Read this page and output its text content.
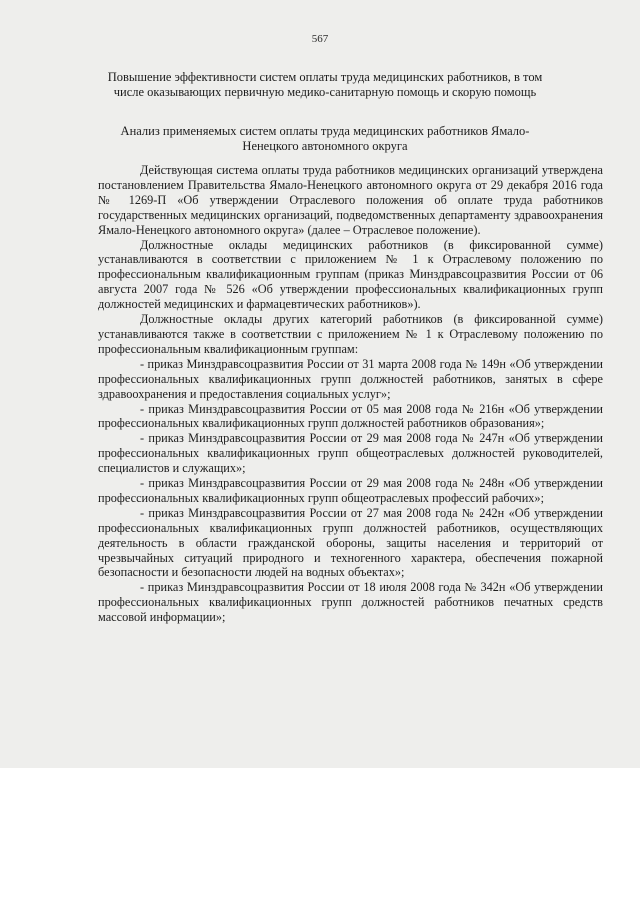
567
Повышение эффективности систем оплаты труда медицинских работников, в том числе оказывающих первичную медико-санитарную помощь и скорую помощь
Анализ применяемых систем оплаты труда медицинских работников Ямало-Ненецкого автономного округа

Действующая система оплаты труда работников медицинских организаций утверждена постановлением Правительства Ямало-Ненецкого автономного округа от 29 декабря 2016 года № 1269-П «Об утверждении Отраслевого положения об оплате труда работников государственных медицинских организаций, подведомственных департаменту здравоохранения Ямало-Ненецкого автономного округа» (далее – Отраслевое положение).

Должностные оклады медицинских работников (в фиксированной сумме) устанавливаются в соответствии с приложением № 1 к Отраслевому положению по профессиональным квалификационным группам (приказ Минздравсоцразвития России от 06 августа 2007 года № 526 «Об утверждении профессиональных квалификационных групп должностей медицинских и фармацевтических работников»).

Должностные оклады других категорий работников (в фиксированной сумме) устанавливаются также в соответствии с приложением № 1 к Отраслевому положению по профессиональным квалификационным группам:

- приказ Минздравсоцразвития России от 31 марта 2008 года № 149н «Об утверждении профессиональных квалификационных групп должностей работников, занятых в сфере здравоохранения и предоставления социальных услуг»;

- приказ Минздравсоцразвития России от 05 мая 2008 года № 216н «Об утверждении профессиональных квалификационных групп должностей работников образования»;

- приказ Минздравсоцразвития России от 29 мая 2008 года № 247н «Об утверждении профессиональных квалификационных групп общеотраслевых должностей руководителей, специалистов и служащих»;

- приказ Минздравсоцразвития России от 29 мая 2008 года № 248н «Об утверждении профессиональных квалификационных групп общеотраслевых профессий рабочих»;

- приказ Минздравсоцразвития России от 27 мая 2008 года № 242н «Об утверждении профессиональных квалификационных групп должностей работников, осуществляющих деятельность в области гражданской обороны, защиты населения и территорий от чрезвычайных ситуаций природного и техногенного характера, обеспечения пожарной безопасности и безопасности людей на водных объектах»;

- приказ Минздравсоцразвития России от 18 июля 2008 года № 342н «Об утверждении профессиональных квалификационных групп должностей работников печатных средств массовой информации»;
